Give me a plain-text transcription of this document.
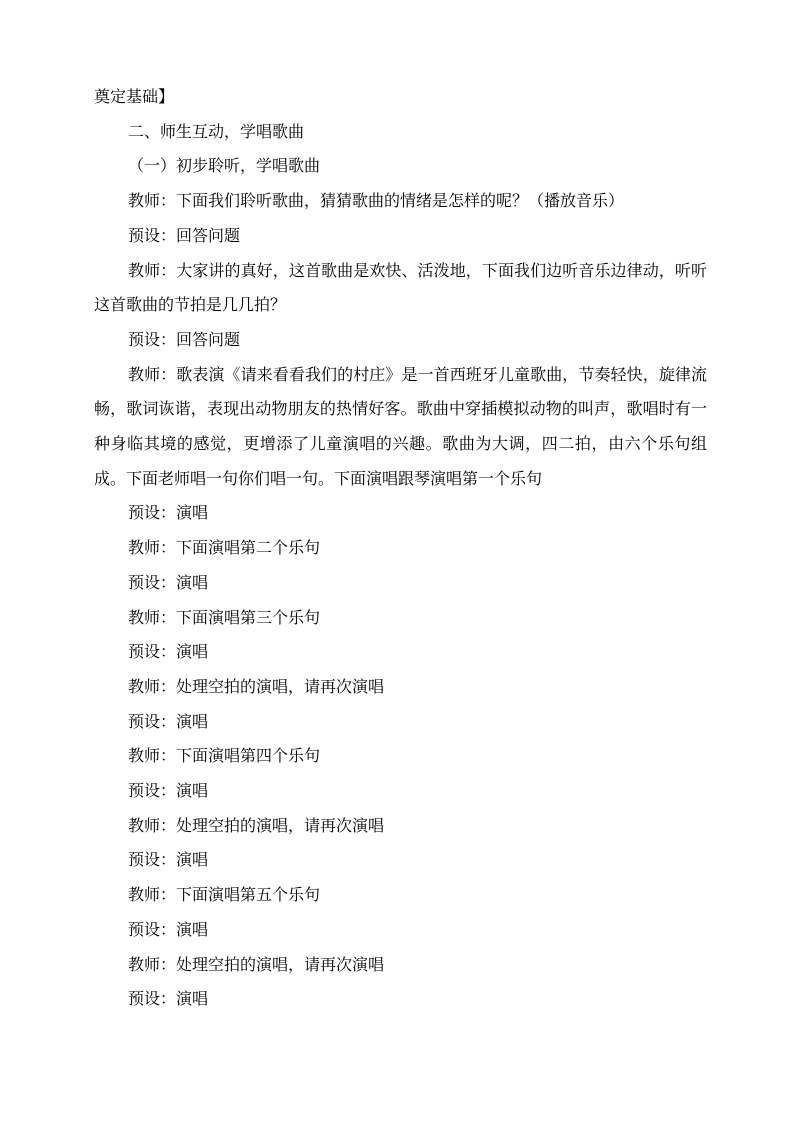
奠定基础】

二、师生互动，学唱歌曲

（一）初步聆听，学唱歌曲

教师：下面我们聆听歌曲，猜猜歌曲的情绪是怎样的呢？（播放音乐）

预设：回答问题

教师：大家讲的真好，这首歌曲是欢快、活泼地，下面我们边听音乐边律动，听听这首歌曲的节拍是几几拍？

预设：回答问题

教师：歌表演《请来看看我们的村庄》是一首西班牙儿童歌曲，节奏轻快，旋律流畅，歌词诙谐，表现出动物朋友的热情好客。歌曲中穿插模拟动物的叫声，歌唱时有一种身临其境的感觉，更增添了儿童演唱的兴趣。歌曲为大调，四二拍，由六个乐句组成。下面老师唱一句你们唱一句。下面演唱跟琴演唱第一个乐句

预设：演唱

教师：下面演唱第二个乐句

预设：演唱

教师：下面演唱第三个乐句

预设：演唱

教师：处理空拍的演唱，请再次演唱

预设：演唱

教师：下面演唱第四个乐句

预设：演唱

教师：处理空拍的演唱，请再次演唱

预设：演唱

教师：下面演唱第五个乐句

预设：演唱

教师：处理空拍的演唱，请再次演唱

预设：演唱
